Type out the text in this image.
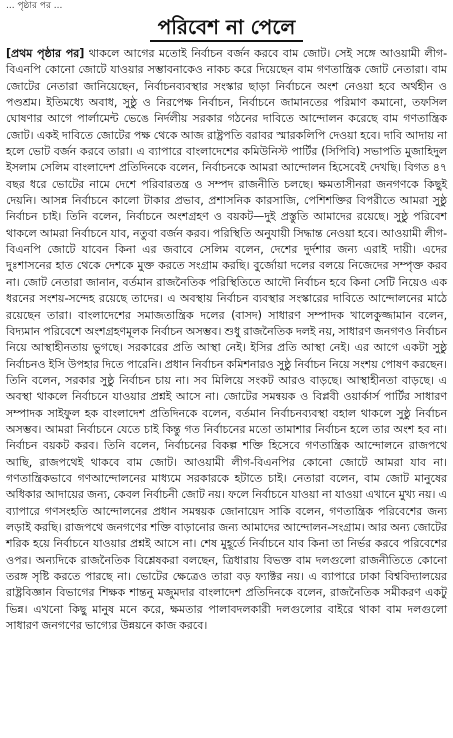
... পৃষ্ঠার পর ...
পরিবেশ না পেলে

[প্রথম পৃষ্ঠার পর] থাকলে আগের মতোই নির্বাচন বর্জন করবে বাম জোট। সেই সঙ্গে আওয়ামী লীগ-বিএনপি কোনো জোটে যাওয়ার সম্ভাবনাকেও নাকচ করে দিয়েছেন বাম গণতান্ত্রিক জোট নেতারা। বাম জোটের নেতারা জানিয়েছেন, নির্বাচনব্যবস্থার সংস্কার ছাড়া নির্বাচনে অংশ নেওয়া হবে অর্থহীন ও পণ্ডশ্রম। ইতিমধ্যে অবাধ, সুষ্ঠু ও নিরপেক্ষ নির্বাচন, নির্বাচনে জামানতের পরিমাণ কমানো, তফসিল ঘোষণার আগে পার্লামেন্ট ভেঙে নির্দলীয় সরকার গঠনের দাবিতে আন্দোলন করেছে বাম গণতান্ত্রিক জোট। একই দাবিতে জোটের পক্ষ থেকে আজ রাষ্ট্রপতি বরাবর স্মারকলিপি দেওয়া হবে। দাবি আদায় না হলে ভোট বর্জন করবে তারা। এ ব্যাপারে বাংলাদেশের কমিউনিস্ট পার্টির (সিপিবি) সভাপতি মুজাহিদুল ইসলাম সেলিম বাংলাদেশ প্রতিদিনকে বলেন, নির্বাচনকে আমরা আন্দোলন হিসেবেই দেখছি। বিগত ৪৭ বছর ধরে ভোটের নামে দেশে পরিবারতন্ত্র ও সম্পদ রাজনীতি চলছে। ক্ষমতাসীনরা জনগণকে কিছুই দেয়নি। আসন্ন নির্বাচনে কালো টাকার প্রভাব, প্রশাসনিক কারসাজি, পেশিশক্তির বিপরীতে আমরা সুষ্ঠু নির্বাচন চাই। তিনি বলেন, নির্বাচনে অংশগ্রহণ ও বয়কট—দুই প্রস্তুতি আমাদের রয়েছে। সুষ্ঠু পরিবেশ থাকলে আমরা নির্বাচনে যাব, নতুবা বর্জন করব। পরিস্থিতি অনুযায়ী সিদ্ধান্ত নেওয়া হবে। আওয়ামী লীগ-বিএনপি জোটে যাবেন কিনা এর জবাবে সেলিম বলেন, দেশের দুর্দশার জন্য এরাই দায়ী। এদের দুঃশাসনের হাত থেকে দেশকে মুক্ত করতে সংগ্রাম করছি। বুর্জোয়া দলের বলয়ে নিজেদের সম্পৃক্ত করব না। জোট নেতারা জানান, বর্তমান রাজনৈতিক পরিস্থিতিতে আদৌ নির্বাচন হবে কিনা সেটি নিয়েও এক ধরনের সংশয়-সন্দেহ রয়েছে তাদের। এ অবস্থায় নির্বাচন ব্যবস্থার সংস্কারের দাবিতে আন্দোলনের মাঠে রয়েছেন তারা। বাংলাদেশের সমাজতান্ত্রিক দলের (বাসদ) সাধারণ সম্পাদক খালেকুজ্জামান বলেন, বিদ্যমান পরিবেশে অংশগ্রহণমূলক নির্বাচন অসম্ভব। শুধু রাজনৈতিক দলই নয়, সাধারণ জনগণও নির্বাচন নিয়ে আস্থাহীনতায় ভুগছে। সরকারের প্রতি আস্থা নেই। ইসির প্রতি আস্থা নেই। এর আগে একটা সুষ্ঠু নির্বাচনও ইসি উপহার দিতে পারেনি। প্রধান নির্বাচন কমিশনারও সুষ্ঠু নির্বাচন নিয়ে সংশয় পোষণ করছেন। তিনি বলেন, সরকার সুষ্ঠু নির্বাচন চায় না। সব মিলিয়ে সংকট আরও বাড়ছে। আস্থাহীনতা বাড়ছে। এ অবস্থা থাকলে নির্বাচনে যাওয়ার প্রশ্নই আসে না। জোটের সমন্বয়ক ও বিপ্লবী ওয়ার্কার্স পার্টির সাধারণ সম্পাদক সাইফুল হক বাংলাদেশ প্রতিদিনকে বলেন, বর্তমান নির্বাচনব্যবস্থা বহাল থাকলে সুষ্ঠু নির্বাচন অসম্ভব। আমরা নির্বাচনে যেতে চাই কিন্তু গত নির্বাচনের মতো তামাশার নির্বাচন হলে তার অংশ হব না। নির্বাচন বয়কট করব। তিনি বলেন, নির্বাচনের বিকল্প শক্তি হিসেবে গণতান্ত্রিক আন্দোলনে রাজপথে আছি, রাজপথেই থাকবে বাম জোট। আওয়ামী লীগ-বিএনপির কোনো জোটে আমরা যাব না। গণতান্ত্রিকভাবে গণআন্দোলনের মাধ্যমে সরকারকে হটাতে চাই। নেতারা বলেন, বাম জোট মানুষের অধিকার আদায়ের জন্য, কেবল নির্বাচনী জোট নয়। ফলে নির্বাচনে যাওয়া না যাওয়া এখানে মুখ্য নয়। এ ব্যাপারে গণসংহতি আন্দোলনের প্রধান সমন্বয়ক জোনায়েদ সাকি বলেন, গণতান্ত্রিক পরিবেশের জন্য লড়াই করছি। রাজপথে জনগণের শক্তি বাড়ানোর জন্য আমাদের আন্দোলন-সংগ্রাম। আর অন্য জোটের শরিক হয়ে নির্বাচনে যাওয়ার প্রশ্নই আসে না। শেষ মুহূর্তে নির্বাচনে যাব কিনা তা নির্ভর করবে পরিবেশের ওপর। অন্যদিকে রাজনৈতিক বিশ্লেষকরা বলছেন, ত্রিধারায় বিভক্ত বাম দলগুলো রাজনীতিতে কোনো তরঙ্গ সৃষ্টি করতে পারছে না। ভোটের ক্ষেত্রেও তারা বড় ফ্যাক্টর নয়। এ ব্যাপারে ঢাকা বিশ্ববিদ্যালয়ের রাষ্ট্রবিজ্ঞান বিভাগের শিক্ষক শান্তনু মজুমদার বাংলাদেশ প্রতিদিনকে বলেন, রাজনৈতিক সমীকরণ একটু ভিন্ন। এখনো কিছু মানুষ মনে করে, ক্ষমতার পালাবদলকারী দলগুলোর বাইরে থাকা বাম দলগুলো সাধারণ জনগণের ভাগ্যের উন্নয়নে কাজ করবে।
